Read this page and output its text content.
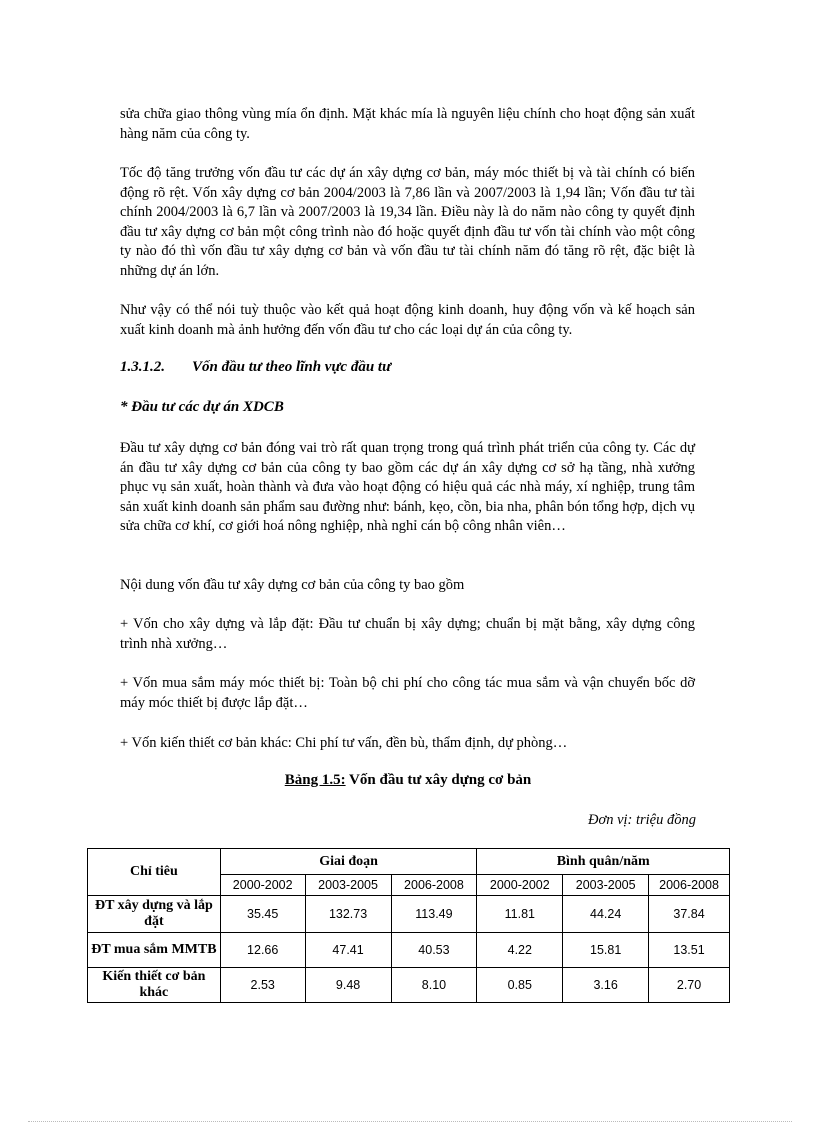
sửa chữa giao thông vùng mía ổn định. Mặt khác mía là nguyên liệu chính cho hoạt động sản xuất hàng năm của công ty.

Tốc độ tăng trưởng vốn đầu tư các dự án xây dựng cơ bản, máy móc thiết bị và tài chính có biến động rõ rệt. Vốn xây dựng cơ bản 2004/2003 là 7,86 lần và 2007/2003 là 1,94 lần; Vốn đầu tư tài chính 2004/2003 là 6,7 lần và 2007/2003 là 19,34 lần. Điều này là do năm nào công ty quyết định đầu tư xây dựng cơ bản một công trình nào đó hoặc quyết định đầu tư vốn tài chính vào một công ty nào đó thì vốn đầu tư xây dựng cơ bản và vốn đầu tư tài chính năm đó tăng rõ rệt, đặc biệt là những dự án lớn.

Như vậy có thể nói tuỳ thuộc vào kết quả hoạt động kinh doanh, huy động vốn và kế hoạch sản xuất kinh doanh mà ảnh hưởng đến vốn đầu tư cho các loại dự án của công ty.

1.3.1.2. Vốn đầu tư theo lĩnh vực đầu tư

* Đầu tư các dự án XDCB

Đầu tư xây dựng cơ bản đóng vai trò rất quan trọng trong quá trình phát triển của công ty. Các dự án đầu tư xây dựng cơ bản của công ty bao gồm các dự án xây dựng cơ sở hạ tầng, nhà xưởng phục vụ sản xuất, hoàn thành và đưa vào hoạt động có hiệu quả các nhà máy, xí nghiệp, trung tâm sản xuất kinh doanh sản phẩm sau đường như: bánh, kẹo, cồn, bia nha, phân bón tổng hợp, dịch vụ sửa chữa cơ khí, cơ giới hoá nông nghiệp, nhà nghỉ cán bộ công nhân viên…

Nội dung vốn đầu tư xây dựng cơ bản của công ty bao gồm

+ Vốn cho xây dựng và lắp đặt: Đầu tư chuẩn bị xây dựng; chuẩn bị mặt bằng, xây dựng công trình nhà xưởng…

+ Vốn mua sắm máy móc thiết bị: Toàn bộ chi phí cho công tác mua sắm và vận chuyển bốc dỡ máy móc thiết bị được lắp đặt…

+ Vốn kiến thiết cơ bản khác: Chi phí tư vấn, đền bù, thẩm định, dự phòng…

Bảng 1.5: Vốn đầu tư xây dựng cơ bản
Đơn vị: triệu đồng
Chỉ tiêu	Giai đoạn			Bình quân/năm		
	2000-2002	2003-2005	2006-2008	2000-2002	2003-2005	2006-2008
ĐT xây dựng và lắp đặt	35.45	132.73	113.49	11.81	44.24	37.84
ĐT mua sắm MMTB	12.66	47.41	40.53	4.22	15.81	13.51
Kiến thiết cơ bản khác	2.53	9.48	8.10	0.85	3.16	2.70
